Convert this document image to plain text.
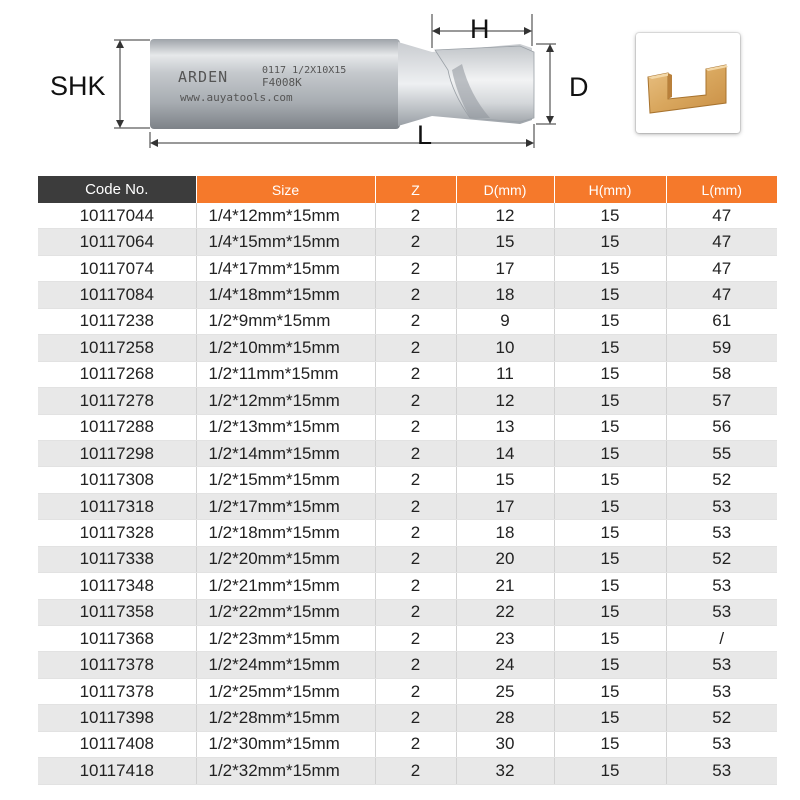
ARDEN	0117 1/2X10X15
F4008K
www.auyatools.com
SHK
H
D
L
Code No.	Size	Z	D(mm)	H(mm)	L(mm)
10117044	1/4*12mm*15mm	2	12	15	47
10117064	1/4*15mm*15mm	2	15	15	47
10117074	1/4*17mm*15mm	2	17	15	47
10117084	1/4*18mm*15mm	2	18	15	47
10117238	1/2*9mm*15mm	2	9	15	61
10117258	1/2*10mm*15mm	2	10	15	59
10117268	1/2*11mm*15mm	2	11	15	58
10117278	1/2*12mm*15mm	2	12	15	57
10117288	1/2*13mm*15mm	2	13	15	56
10117298	1/2*14mm*15mm	2	14	15	55
10117308	1/2*15mm*15mm	2	15	15	52
10117318	1/2*17mm*15mm	2	17	15	53
10117328	1/2*18mm*15mm	2	18	15	53
10117338	1/2*20mm*15mm	2	20	15	52
10117348	1/2*21mm*15mm	2	21	15	53
10117358	1/2*22mm*15mm	2	22	15	53
10117368	1/2*23mm*15mm	2	23	15	/
10117378	1/2*24mm*15mm	2	24	15	53
10117378	1/2*25mm*15mm	2	25	15	53
10117398	1/2*28mm*15mm	2	28	15	52
10117408	1/2*30mm*15mm	2	30	15	53
10117418	1/2*32mm*15mm	2	32	15	53
